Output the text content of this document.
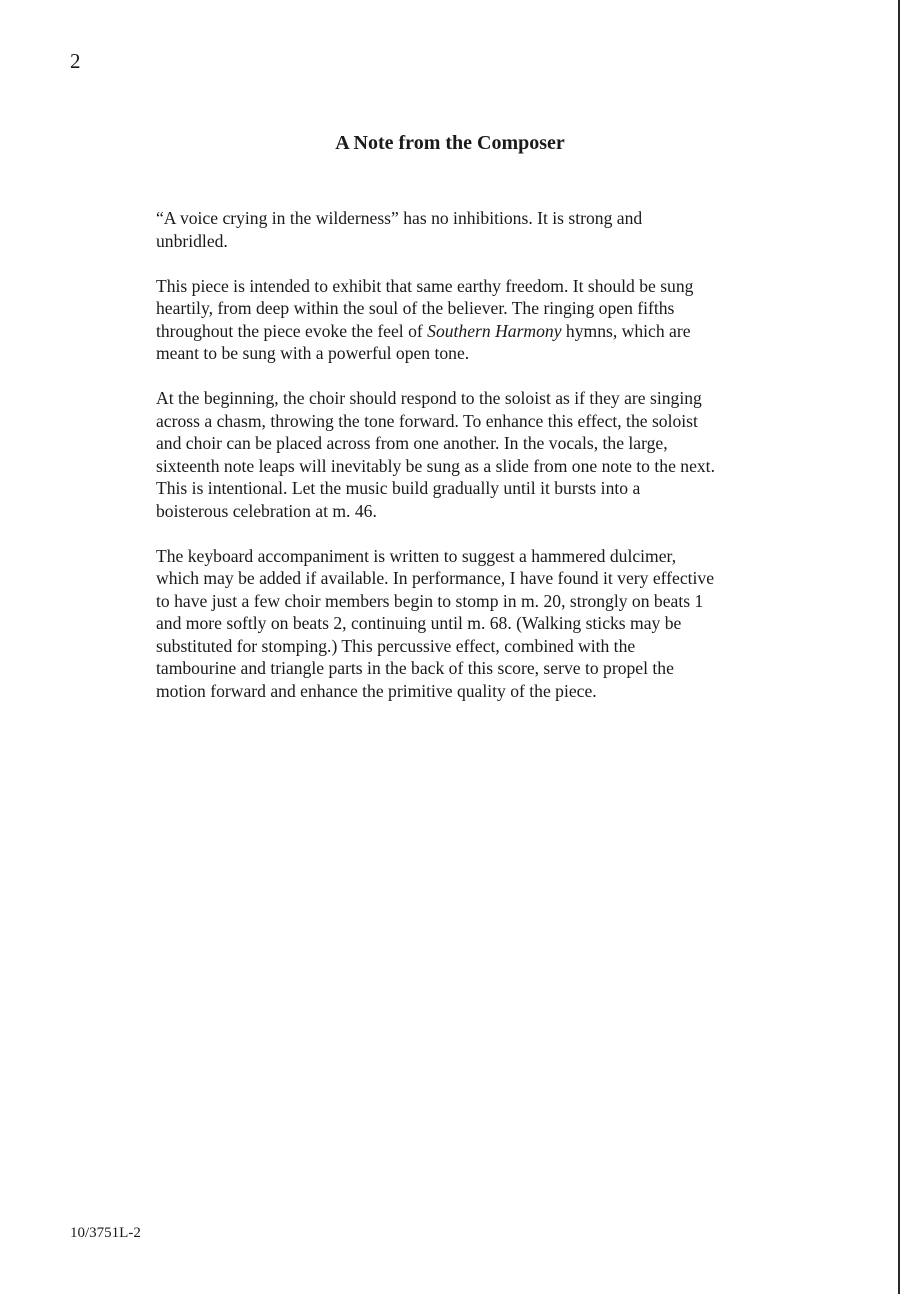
2
A Note from the Composer

“A voice crying in the wilderness” has no inhibitions. It is strong and
unbridled.

This piece is intended to exhibit that same earthy freedom. It should be sung
heartily, from deep within the soul of the believer. The ringing open fifths
throughout the piece evoke the feel of Southern Harmony hymns, which are
meant to be sung with a powerful open tone.

At the beginning, the choir should respond to the soloist as if they are singing
across a chasm, throwing the tone forward. To enhance this effect, the soloist
and choir can be placed across from one another. In the vocals, the large,
sixteenth note leaps will inevitably be sung as a slide from one note to the next.
This is intentional. Let the music build gradually until it bursts into a
boisterous celebration at m. 46.

The keyboard accompaniment is written to suggest a hammered dulcimer,
which may be added if available. In performance, I have found it very effective
to have just a few choir members begin to stomp in m. 20, strongly on beats 1
and more softly on beats 2, continuing until m. 68. (Walking sticks may be
substituted for stomping.) This percussive effect, combined with the
tambourine and triangle parts in the back of this score, serve to propel the
motion forward and enhance the primitive quality of the piece.

10/3751L-2
